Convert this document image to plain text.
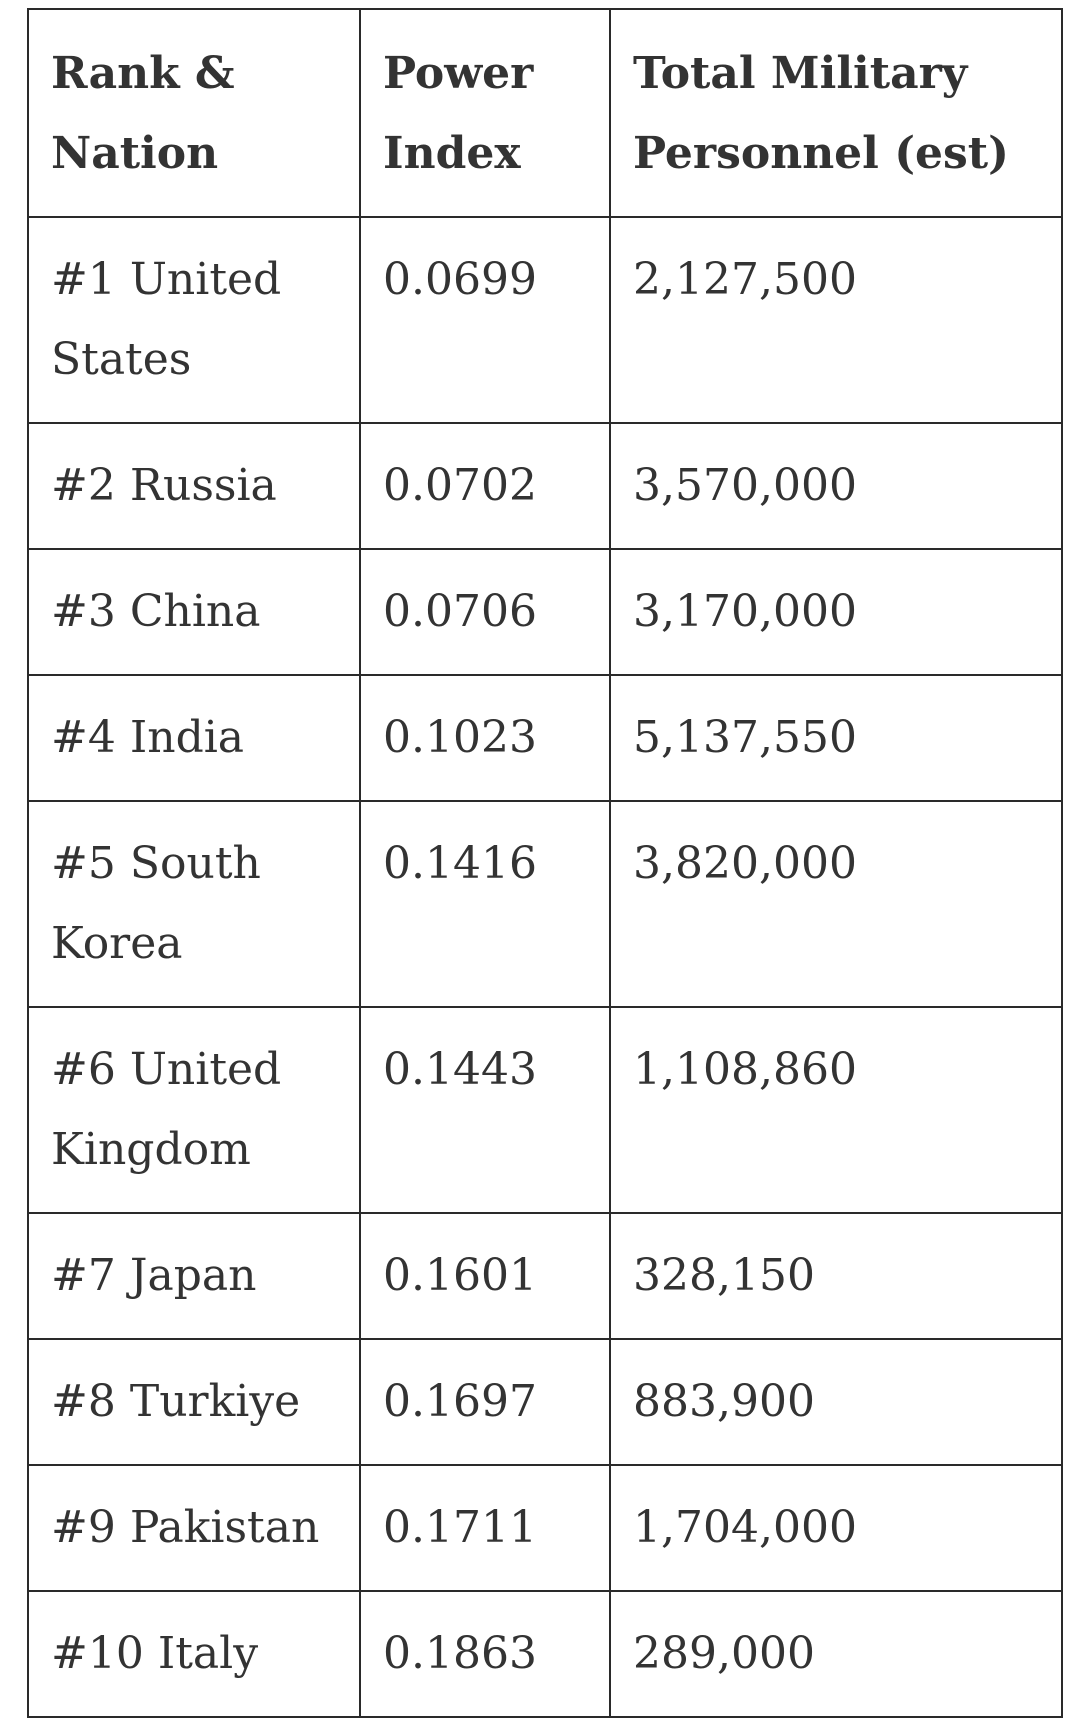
Rank & Nation	Power Index	Total Military Personnel (est)
#1 United States	0.0699	2,127,500
#2 Russia	0.0702	3,570,000
#3 China	0.0706	3,170,000
#4 India	0.1023	5,137,550
#5 South Korea	0.1416	3,820,000
#6 United Kingdom	0.1443	1,108,860
#7 Japan	0.1601	328,150
#8 Turkiye	0.1697	883,900
#9 Pakistan	0.1711	1,704,000
#10 Italy	0.1863	289,000
